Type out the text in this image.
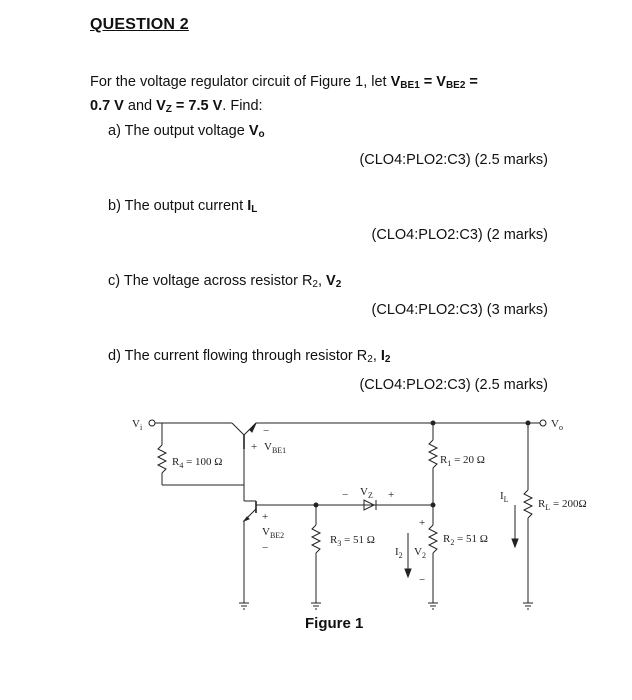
QUESTION 2
For the voltage regulator circuit of Figure 1, let $V_{BE1} = V_{BE2}$ =
0.7 V and $V_Z = 7.5$ V. Find:
a) The output voltage $V_o$
(CLO4:PLO2:C3) (2.5 marks)
b) The output current $I_L$
(CLO4:PLO2:C3) (2 marks)
c) The voltage across resistor R2, $V_2$
(CLO4:PLO2:C3) (3 marks)
d) The current flowing through resistor R2, $I_2$
(CLO4:PLO2:C3) (2.5 marks)
$V_i$	$V_o$
$R_4 = 100$ Ω
−
+ $V_{BE1}$
+
$V_{BE2}$
−
$R_1 = 20$ Ω
− $V_Z$ +	$I_L$	$R_L = 200\Omega$
$R_3 = 51$ Ω
+
$I_2$ $V_2$
−
$R_2 = 51$ Ω
Figure 1
